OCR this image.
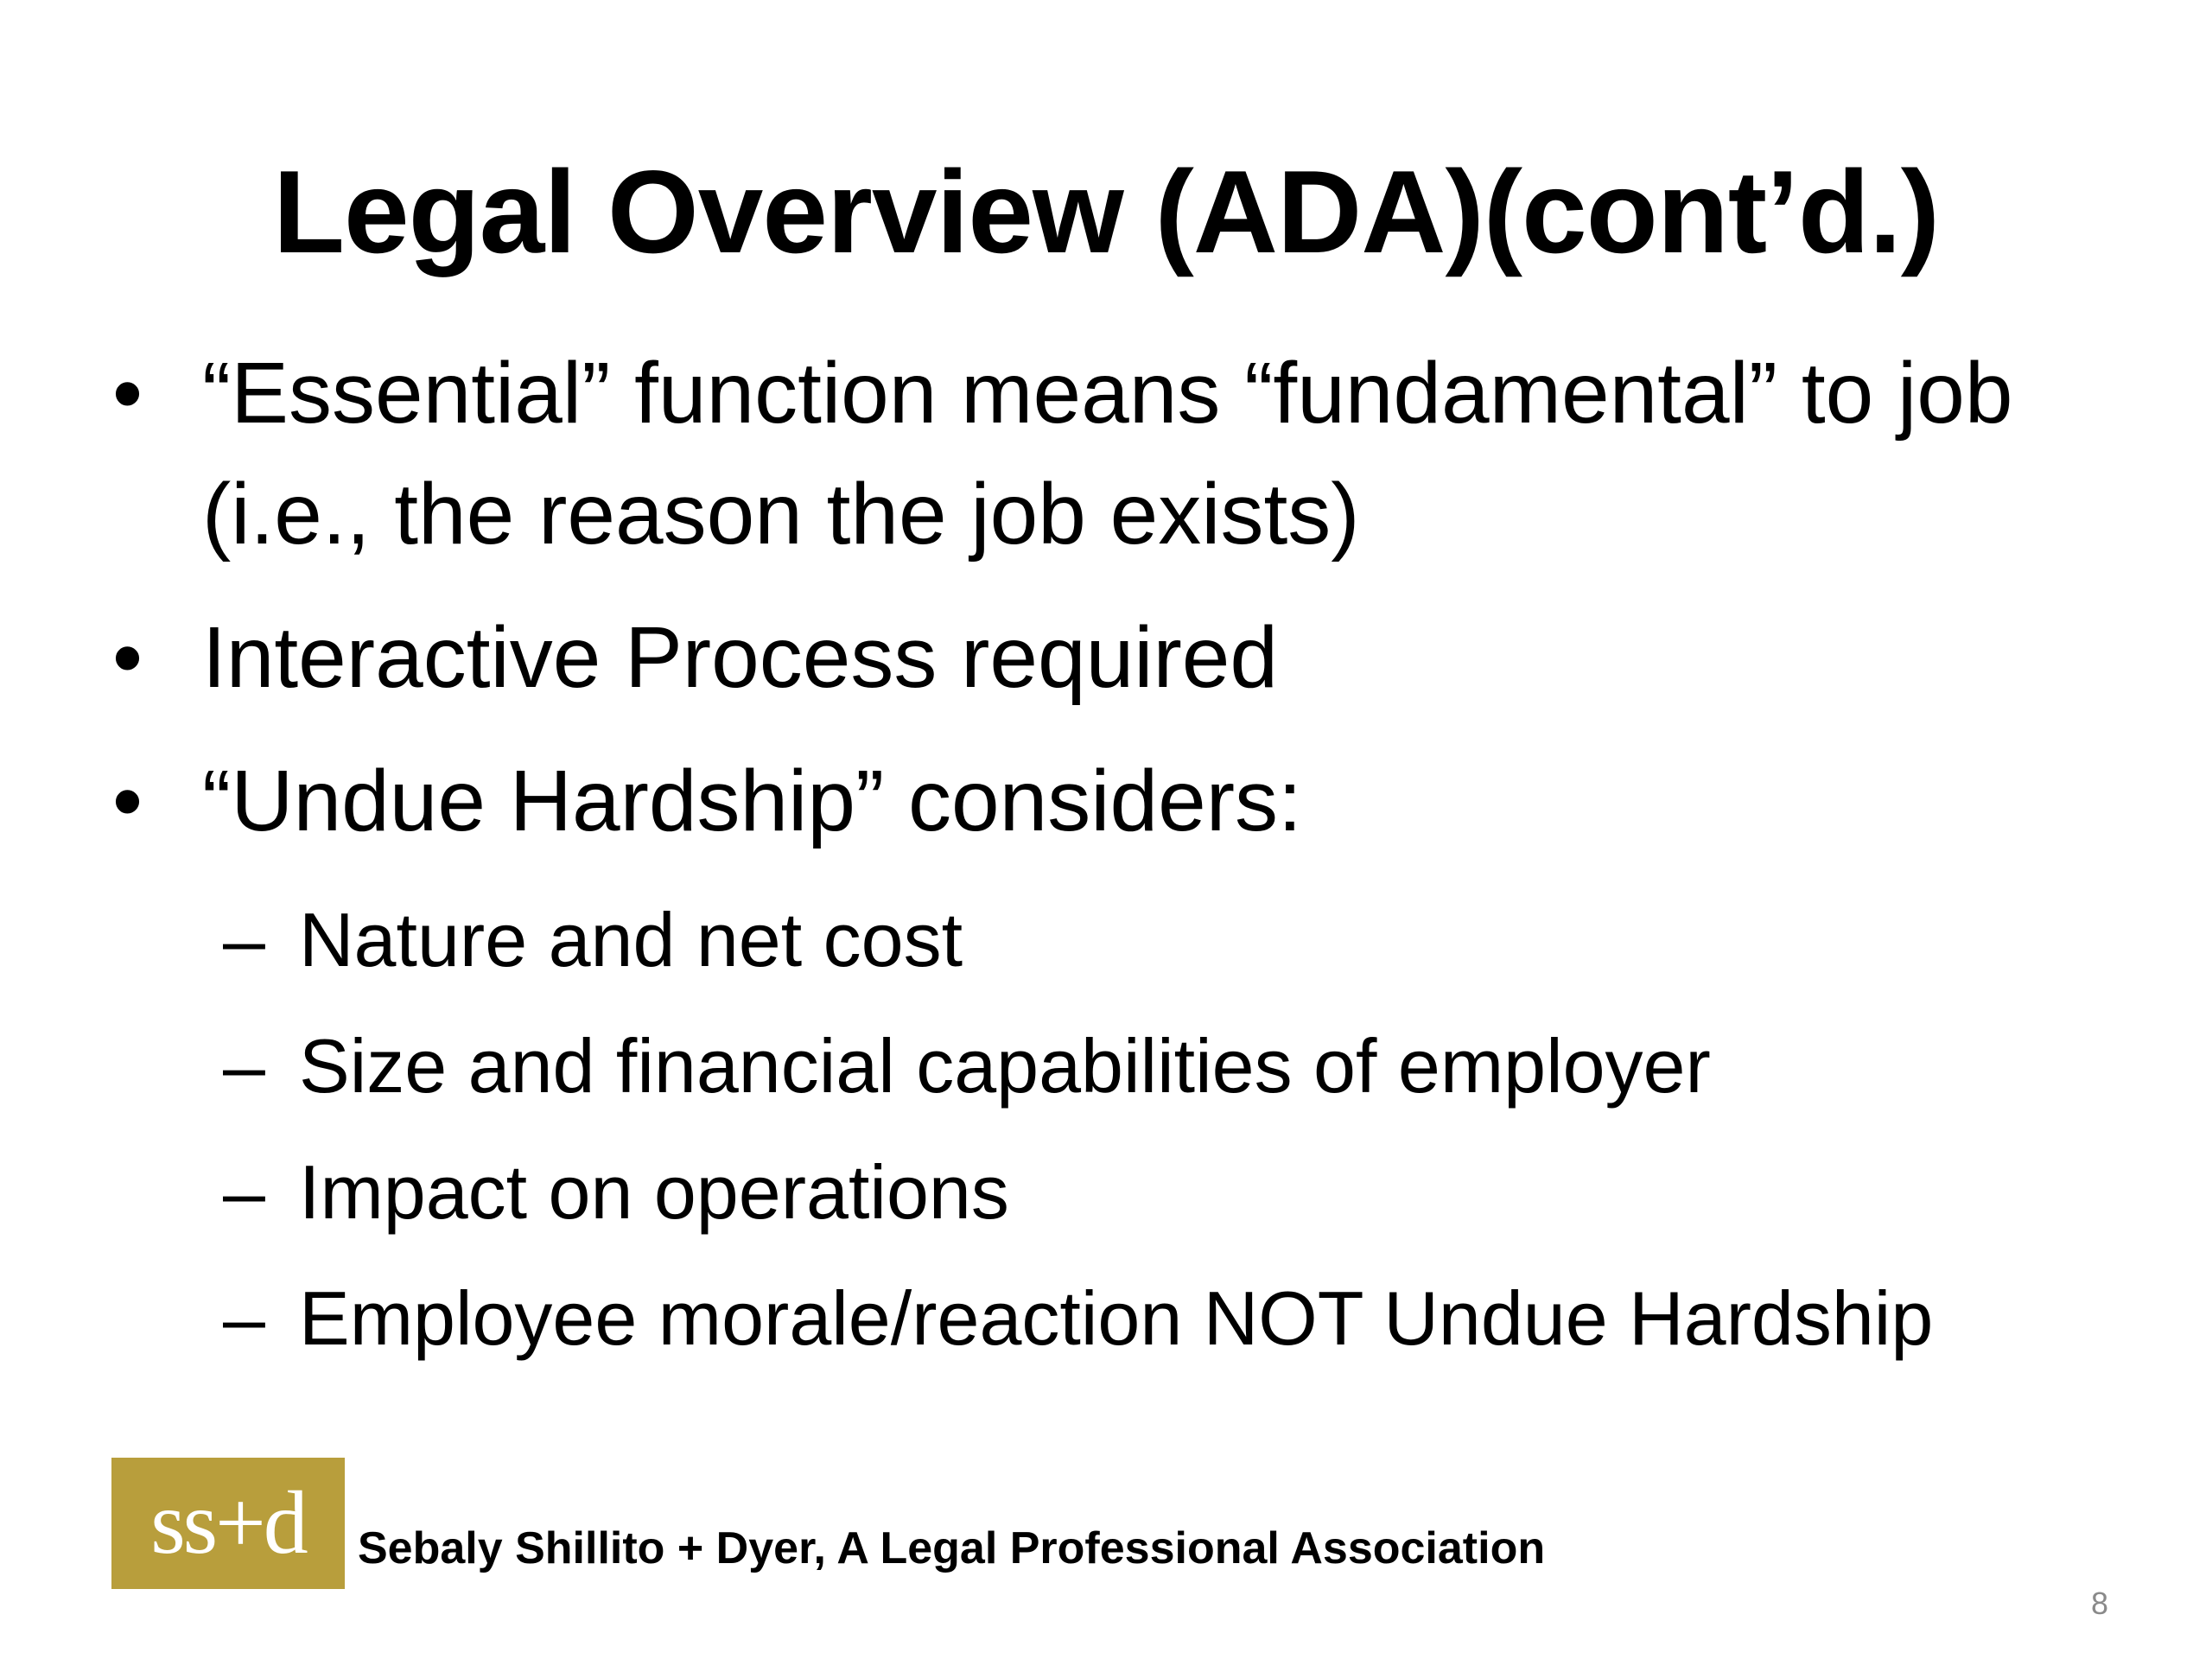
Legal Overview (ADA)(cont’d.)
• “Essential” function means “fundamental” to job (i.e., the reason the job exists)
• Interactive Process required
• “Undue Hardship” considers:
– Nature and net cost
– Size and financial capabilities of employer
– Impact on operations
– Employee morale/reaction NOT Undue Hardship
ss+d Sebaly Shillito + Dyer, A Legal Professional Association
8
